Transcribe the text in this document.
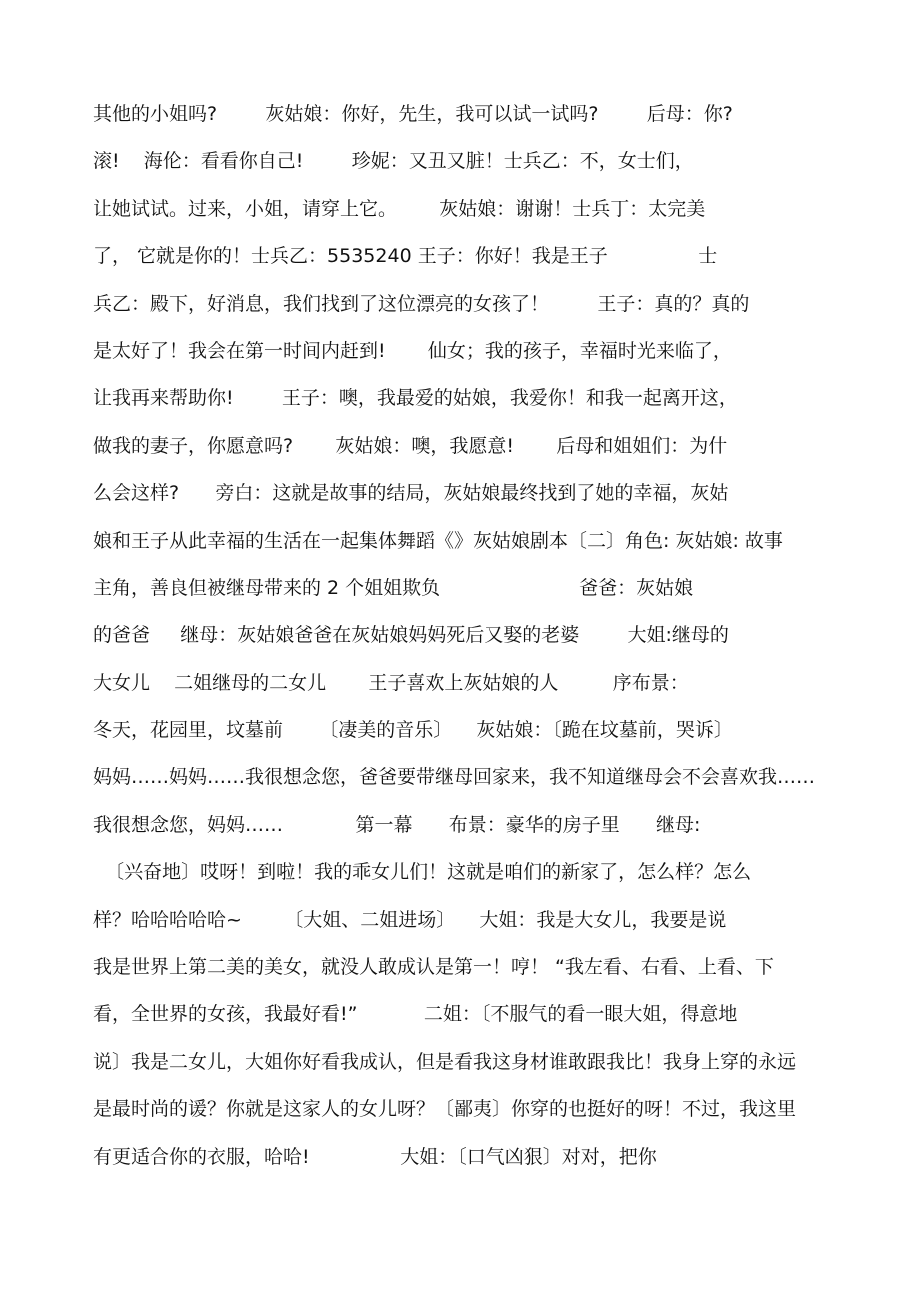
其他的小姐吗?        灰姑娘：你好，先生，我可以试一试吗?        后母：你?
滚!    海伦：看看你自己!        珍妮：又丑又脏！士兵乙：不，女士们，
让她试试。过来，小姐，请穿上它。       灰姑娘：谢谢！士兵丁：太完美
了， 它就是你的！士兵乙：5535240 王子：你好！我是王子               士
兵乙：殿下，好消息，我们找到了这位漂亮的女孩了！        王子：真的？真的
是太好了！我会在第一时间内赶到!       仙女；我的孩子，幸福时光来临了，
让我再来帮助你!        王子：噢，我最爱的姑娘，我爱你！和我一起离开这，
做我的妻子，你愿意吗?       灰姑娘：噢，我愿意!       后母和姐姐们：为什
么会这样?      旁白：这就是故事的结局，灰姑娘最终找到了她的幸福，灰姑
娘和王子从此幸福的生活在一起集体舞蹈《》灰姑娘剧本〔二〕角色: 灰姑娘: 故事
主角，善良但被继母带来的 2 个姐姐欺负                       爸爸：灰姑娘
的爸爸     继母：灰姑娘爸爸在灰姑娘妈妈死后又娶的老婆        大姐:继母的
大女儿    二姐继母的二女儿       王子喜欢上灰姑娘的人         序布景：
冬天，花园里，坟墓前      〔凄美的音乐〕    灰姑娘：〔跪在坟墓前，哭诉〕
妈妈……妈妈……我很想念您，爸爸要带继母回家来，我不知道继母会不会喜欢我……
我很想念您，妈妈……            第一幕      布景：豪华的房子里      继母:
〔兴奋地〕哎呀！到啦！我的乖女儿们！这就是咱们的新家了，怎么样？怎么
样？哈哈哈哈哈~       〔大姐、二姐进场〕    大姐：我是大女儿，我要是说
我是世界上第二美的美女，就没人敢成认是第一！哼！ “我左看、右看、上看、下
看，全世界的女孩，我最好看!”           二姐：〔不服气的看一眼大姐，得意地
说〕我是二女儿，大姐你好看我成认，但是看我这身材谁敢跟我比！我身上穿的永远
是最时尚的谖？你就是这家人的女儿呀？〔鄙夷〕你穿的也挺好的呀！不过，我这里
有更适合你的衣服，哈哈!               大姐：〔口气凶狠〕对对，把你
